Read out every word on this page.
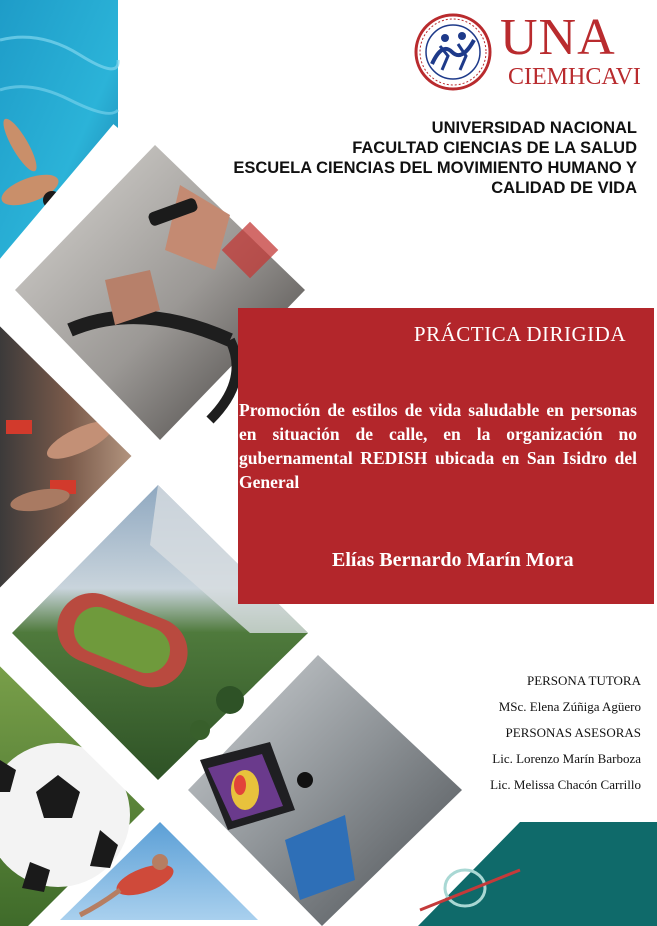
UNA
CIEMHCAVI
UNIVERSIDAD NACIONAL
FACULTAD CIENCIAS DE LA SALUD
ESCUELA CIENCIAS DEL MOVIMIENTO HUMANO Y
CALIDAD DE VIDA
PRÁCTICA DIRIGIDA
Promoción de estilos de vida saludable en personas en situación de calle, en la organización no gubernamental REDISH ubicada en San Isidro del General
Elías Bernardo Marín Mora
PERSONA TUTORA
MSc. Elena Zúñiga Agüero
PERSONAS ASESORAS
Lic. Lorenzo Marín Barboza
Lic. Melissa Chacón Carrillo
